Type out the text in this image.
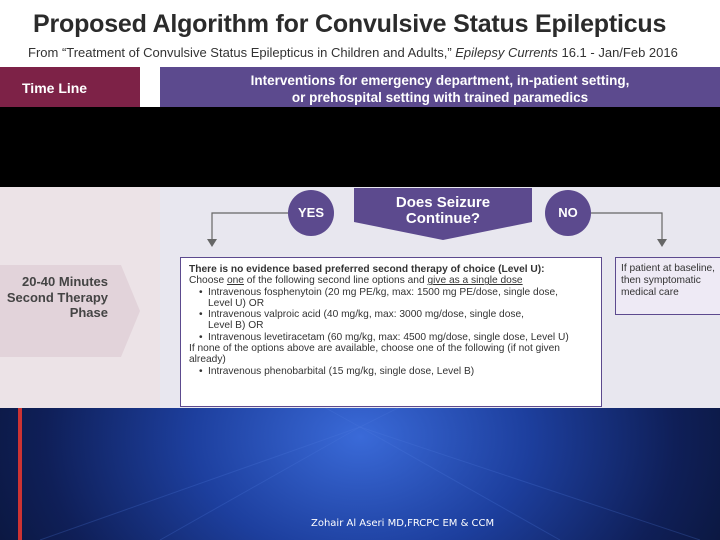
Proposed Algorithm for Convulsive Status Epilepticus
From “Treatment of Convulsive Status Epilepticus in Children and Adults,” Epilepsy Currents 16.1 - Jan/Feb 2016
Time Line	Interventions for emergency department, in-patient setting,
or prehospital setting with trained paramedics
20-40 Minutes
Second Therapy
Phase
YES	NO
Does Seizure
Continue?
There is no evidence based preferred second therapy of choice (Level U):
Choose one of the following second line options and give as a single dose
• Intravenous fosphenytoin (20 mg PE/kg, max: 1500 mg PE/dose, single dose,
Level U) OR
• Intravenous valproic acid (40 mg/kg, max: 3000 mg/dose, single dose,
Level B) OR
• Intravenous levetiracetam (60 mg/kg, max: 4500 mg/dose, single dose, Level U)
If none of the options above are available, choose one of the following (if not given
already)
• Intravenous phenobarbital (15 mg/kg, single dose, Level B)
If patient at baseline,
then symptomatic
medical care
Zohair Al Aseri MD,FRCPC EM & CCM
